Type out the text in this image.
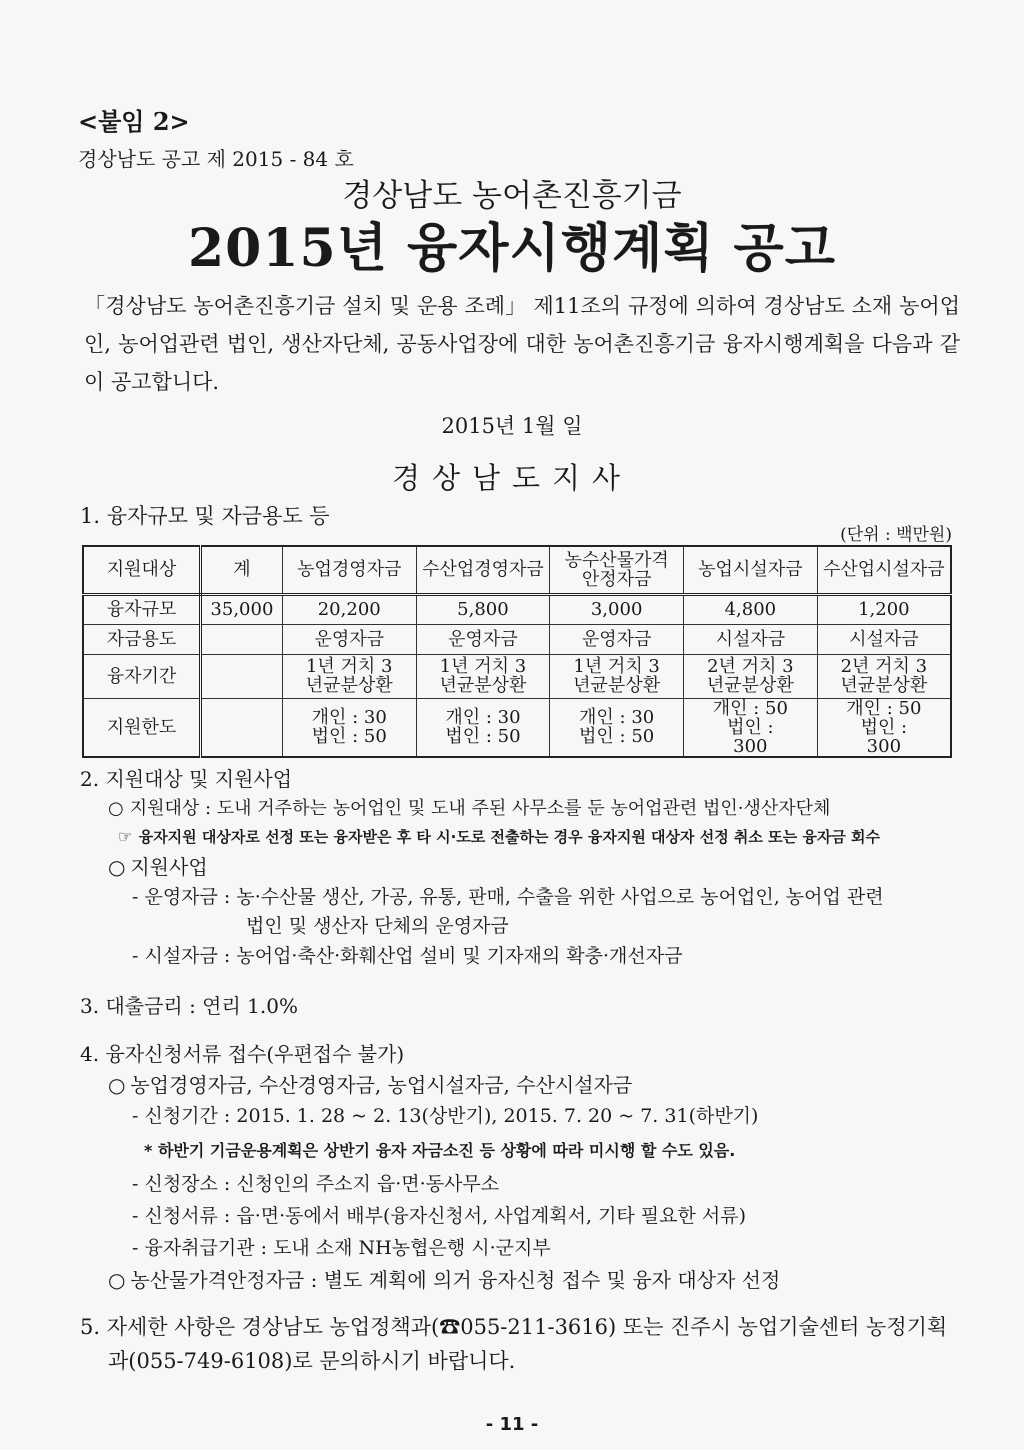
<붙임 2>
경상남도 공고 제 2015 - 84 호
경상남도 농어촌진흥기금
2015년 융자시행계획 공고
「경상남도 농어촌진흥기금 설치 및 운용 조례」 제11조의 규정에 의하여 경상남도 소재 농어업인, 농어업관련 법인, 생산자단체, 공동사업장에 대한 농어촌진흥기금 융자시행계획을 다음과 같이 공고합니다.
2015년 1월 일
경상남도지사
1. 융자규모 및 자금용도 등
(단위 : 백만원)
지원대상	계	농업경영자금	수산업경영자금	농수산물가격 안정자금	농업시설자금	수산업시설자금
융자규모	35,000	20,200	5,800	3,000	4,800	1,200
자금용도		운영자금	운영자금	운영자금	시설자금	시설자금
융자기간		1년 거치 3년균분상환	1년 거치 3년균분상환	1년 거치 3년균분상환	2년 거치 3년균분상환	2년 거치 3년균분상환
지원한도		개인 : 30 법인 : 50	개인 : 30 법인 : 50	개인 : 30 법인 : 50	개인 : 50 법인 : 300	개인 : 50 법인 : 300
2. 지원대상 및 지원사업
○ 지원대상 : 도내 거주하는 농어업인 및 도내 주된 사무소를 둔 농어업관련 법인·생산자단체
☞ 융자지원 대상자로 선정 또는 융자받은 후 타 시·도로 전출하는 경우 융자지원 대상자 선정 취소 또는 융자금 회수
○ 지원사업
- 운영자금 : 농·수산물 생산, 가공, 유통, 판매, 수출을 위한 사업으로 농어업인, 농어업 관련
법인 및 생산자 단체의 운영자금
- 시설자금 : 농어업·축산·화훼산업 설비 및 기자재의 확충·개선자금
3. 대출금리 : 연리 1.0%
4. 융자신청서류 접수(우편접수 불가)
○ 농업경영자금, 수산경영자금, 농업시설자금, 수산시설자금
- 신청기간 : 2015. 1. 28 ~ 2. 13(상반기), 2015. 7. 20 ~ 7. 31(하반기)
* 하반기 기금운용계획은 상반기 융자 자금소진 등 상황에 따라 미시행 할 수도 있음.
- 신청장소 : 신청인의 주소지 읍·면·동사무소
- 신청서류 : 읍·면·동에서 배부(융자신청서, 사업계획서, 기타 필요한 서류)
- 융자취급기관 : 도내 소재 NH농협은행 시·군지부
○ 농산물가격안정자금 : 별도 계획에 의거 융자신청 접수 및 융자 대상자 선정
5. 자세한 사항은 경상남도 농업정책과(☎055-211-3616) 또는 진주시 농업기술센터 농정기획
과(055-749-6108)로 문의하시기 바랍니다.
- 11 -
